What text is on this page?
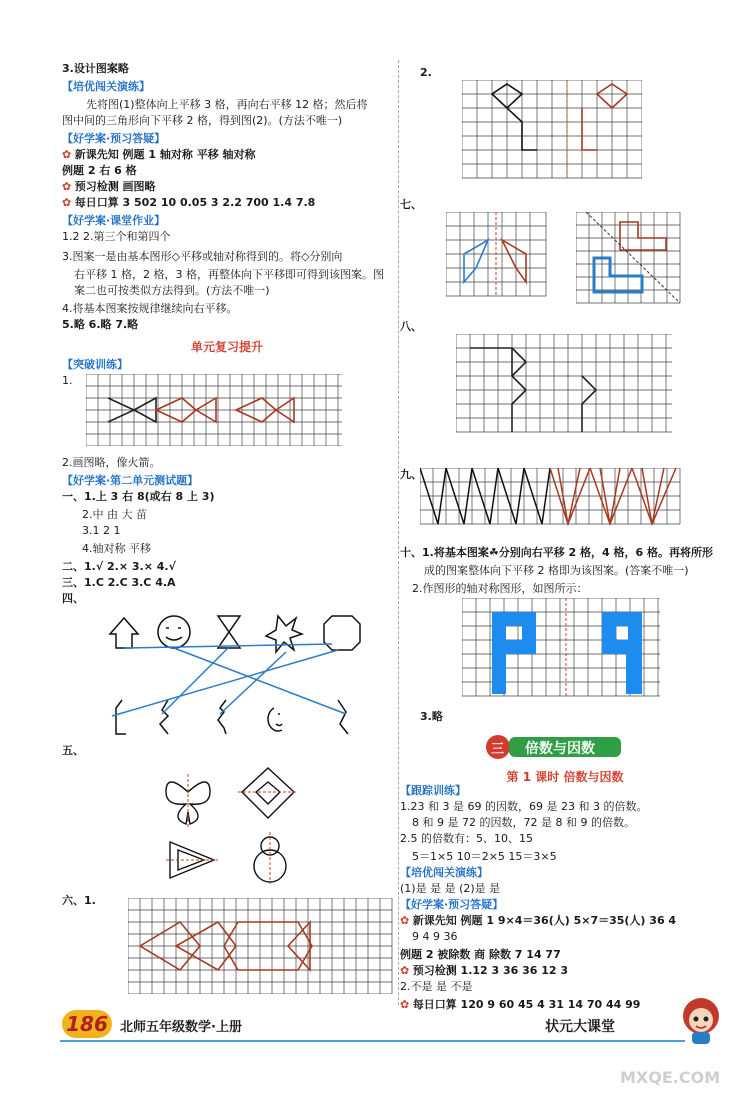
3.设计图案略
【培优闯关演练】
先将图(1)整体向上平移 3 格，再向右平移 12 格；然后将
图中间的三角形向下平移 2 格，得到图(2)。(方法不唯一)
【好学案·预习答疑】
✿ 新课先知 例题 1 轴对称 平移 轴对称
例题 2 右 6 格
✿ 预习检测 画图略
✿ 每日口算 3 502 10 0.05 3 2.2 700 1.4 7.8
【好学案·课堂作业】
1.2 2.第三个和第四个
3.图案一是由基本图形◇平移或轴对称得到的。将◇分别向
右平移 1 格，2 格，3 格，再整体向下平移即可得到该图案。图
案二也可按类似方法得到。(方法不唯一)
4.将基本图案按规律继续向右平移。
5.略 6.略 7.略
单元复习提升
【突破训练】
1.
2.画图略，像火箭。
【好学案·第二单元测试题】
一、1.上 3 右 8(或右 8 上 3)
2.中 由 大 苗
3.1 2 1
4.轴对称 平移
二、1.√ 2.× 3.× 4.√
三、1.C 2.C 3.C 4.A
四、
五、
六、1.
2.
七、
八、
九、
十、1.将基本图案☘分别向右平移 2 格，4 格，6 格。再将所形
成的图案整体向下平移 2 格即为该图案。(答案不唯一)
2.作图形的轴对称图形，如图所示：
3.略
三 倍数与因数
第 1 课时 倍数与因数
【跟踪训练】
1.23 和 3 是 69 的因数，69 是 23 和 3 的倍数。
8 和 9 是 72 的因数，72 是 8 和 9 的倍数。
2.5 的倍数有：5、10、15
5＝1×5 10＝2×5 15＝3×5
【培优闯关演练】
(1)是 是 是 (2)是 是
【好学案·预习答疑】
✿ 新课先知 例题 1 9×4＝36(人) 5×7＝35(人) 36 4
9 4 9 36
例题 2 被除数 商 除数 7 14 77
✿ 预习检测 1.12 3 36 36 12 3
2.不是 是 不是
✿ 每日口算 120 9 60 45 4 31 14 70 44 99
186 北师五年级数学·上册	状元大课堂
MXQE.COM
